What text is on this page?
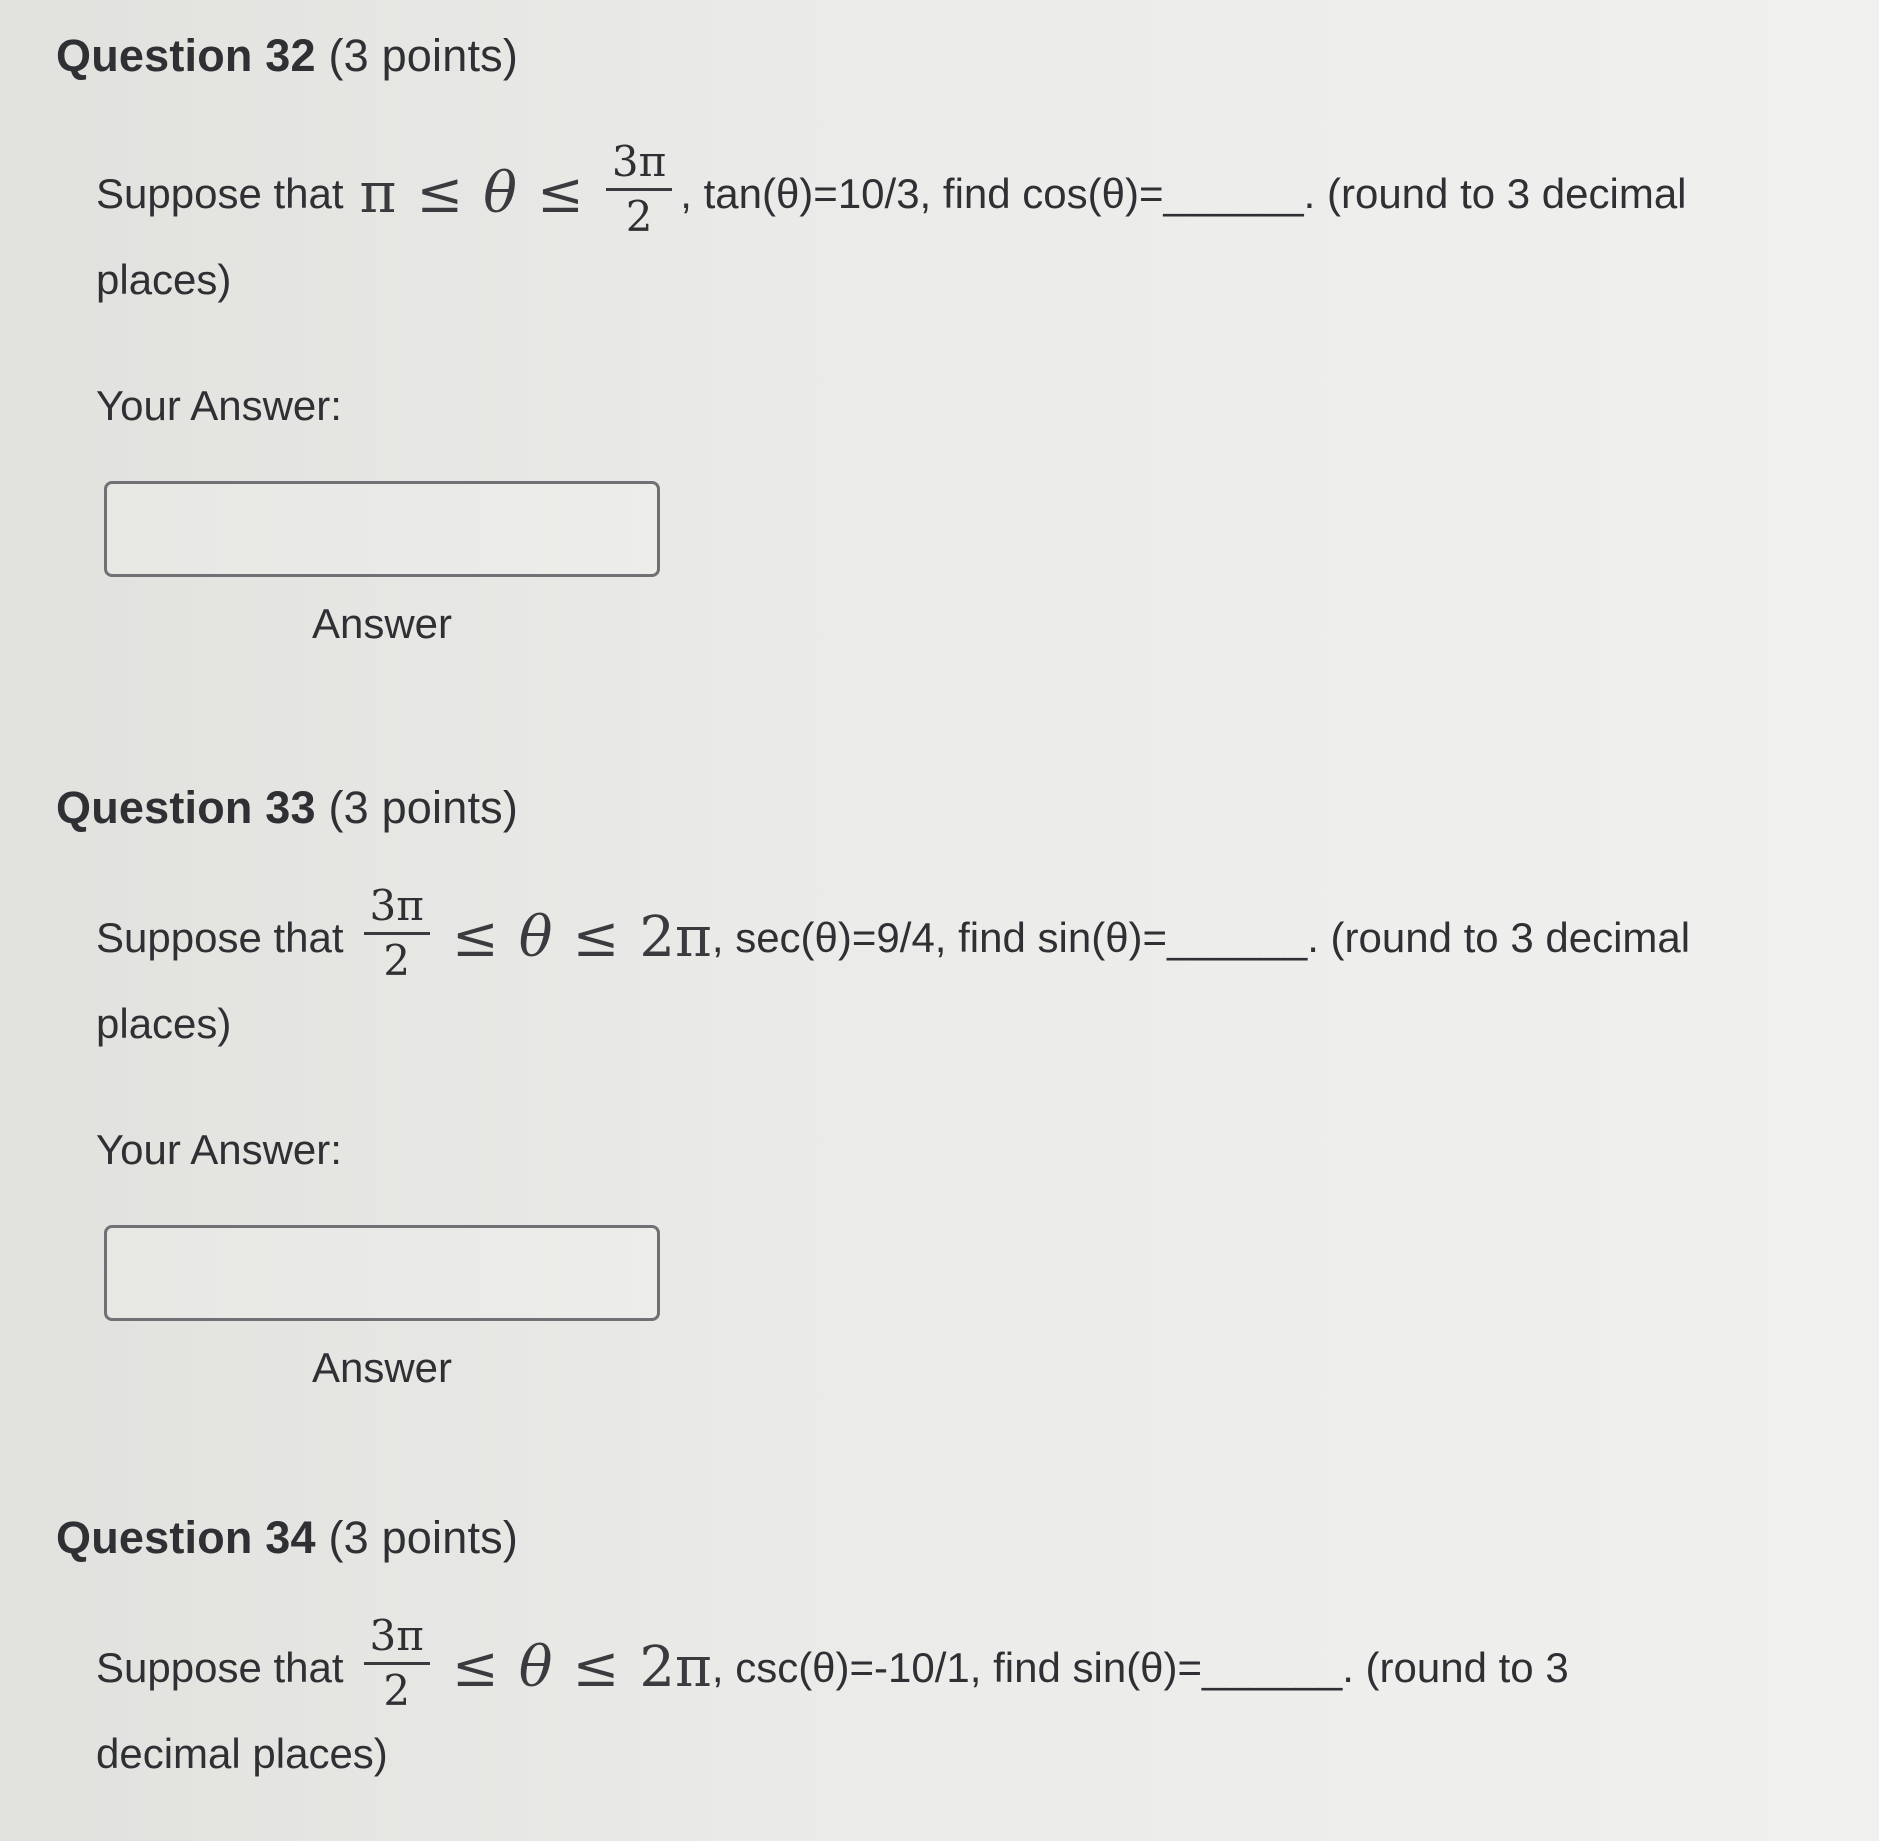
Question 32 (3 points)
Suppose that $\pi \le \theta \le \frac{3\pi}{2}$ , tan(θ)=10/3, find cos(θ)=______. (round to 3 decimal
places)
Your Answer:
Answer
Question 33 (3 points)
Suppose that $\frac{3\pi}{2} \le \theta \le 2\pi$ , sec(θ)=9/4, find sin(θ)=______. (round to 3 decimal
places)
Your Answer:
Answer
Question 34 (3 points)
Suppose that $\frac{3\pi}{2} \le \theta \le 2\pi$ , csc(θ)=-10/1, find sin(θ)=______. (round to 3
decimal places)
